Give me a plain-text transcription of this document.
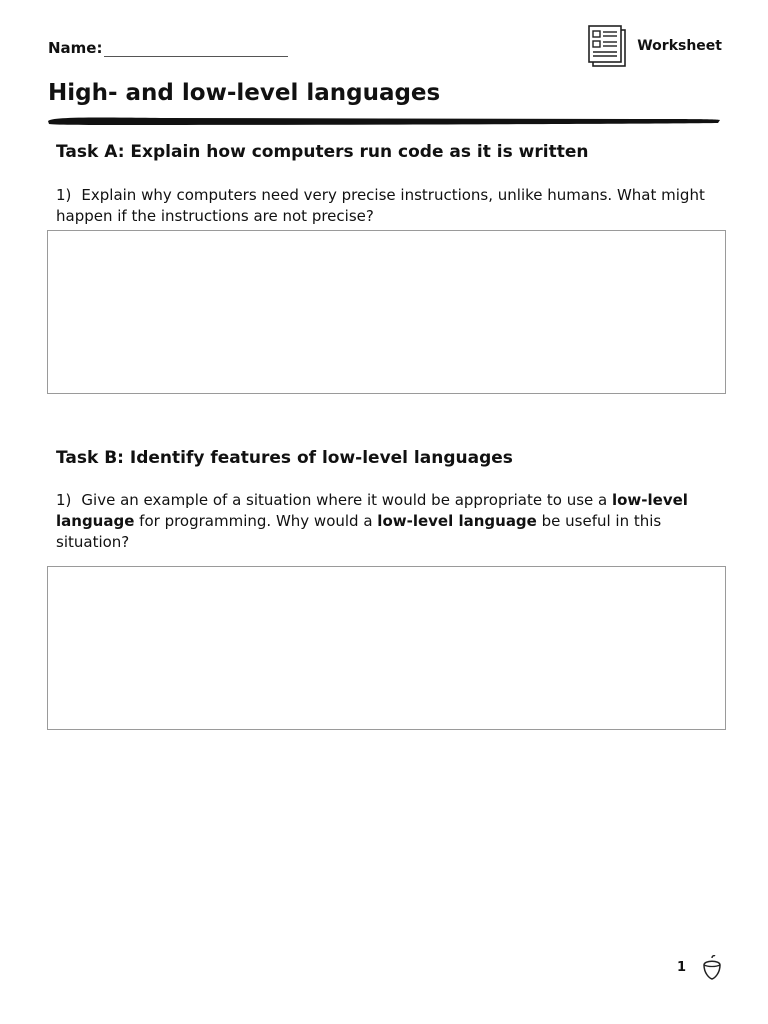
Name:	Worksheet
High- and low-level languages
Task A: Explain how computers run code as it is written

1) Explain why computers need very precise instructions, unlike humans. What might happen if the instructions are not precise?

Task B: Identify features of low-level languages

1) Give an example of a situation where it would be appropriate to use a low-level language for programming. Why would a low-level language be useful in this situation?

1
